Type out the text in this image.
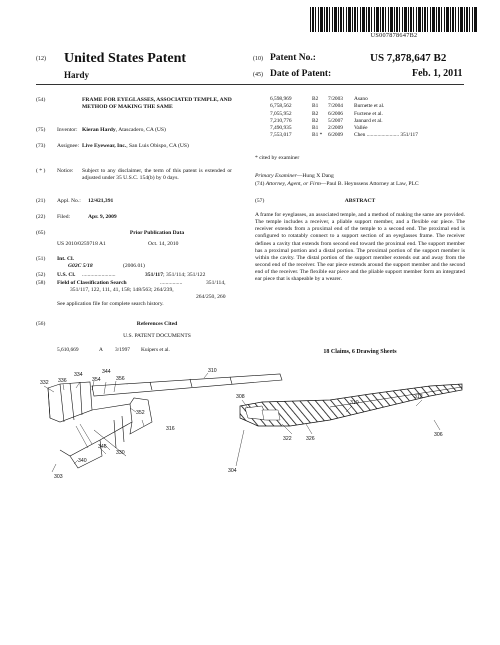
US007878647B2
(12) United States Patent
Hardy
(10) Patent No.:	US 7,878,647 B2
(45) Date of Patent:	Feb. 1, 2011
(54)	FRAME FOR EYEGLASSES, ASSOCIATED TEMPLE, AND METHOD OF MAKING THE SAME
(75) Inventor: Kieran Hardy, Atascadero, CA (US)
(73) Assignee: Live Eyewear, Inc., San Luis Obispo, CA (US)
( * ) Notice: Subject to any disclaimer, the term of this patent is extended or adjusted under 35 U.S.C. 154(b) by 0 days.
(21) Appl. No.: 12/421,391
(22) Filed:	Apr. 9, 2009
(65)	Prior Publication Data
US 2010/0259718 A1	Oct. 14, 2010
(51) Int. Cl.
G02C 5/18	(2006.01)
(52) U.S. Cl. ........................	351/117; 351/114; 351/122
(58) Field of Classification Search	................	351/114,
351/117, 122, 111, 41, 158; 148/563; 264/239,
264/250, 260
See application file for complete search history.
(56)	References Cited
U.S. PATENT DOCUMENTS
5,610,669	A	3/1997	Kuipers et al.
6,598,969	B2	7/2003	Asano
6,758,562	B1	7/2004	Burnette et al.
7,055,952	B2	6/2006	Fuctene et al.
7,210,776	B2	5/2007	Jannard et al.
7,490,935	B1	2/2009	Vallée
7,553,017	B1 *	6/2009	Chen ........................ 351/117
* cited by examiner
Primary Examiner—Hung X Dang
(74) Attorney, Agent, or Firm—Paul B. Heynssens Attorney at Law, PLC
(57)	ABSTRACT
A frame for eyeglasses, an associated temple, and a method of making the same are provided. The temple includes a receiver, a pliable support member, and a flexible ear piece. The receiver extends from a proximal end of the temple to a second end. The proximal end is configured to rotatably connect to a support section of an eyeglasses frame. The receiver defines a cavity that extends from second end toward the proximal end. The support member has a proximal portion and a distal portion. The proximal portion of the support member is within the cavity. The distal portion of the support member extends out and away from the second end of the receiver. The ear piece extends around the support member and the second end of the receiver. The flexible ear piece and the pliable support member form an integrated ear piece that is shapeable by a wearer.
18 Claims, 6 Drawing Sheets
332 336
334
354
344
356
310
352
316
346
330
340
303
304
308
310
312
322	326
306
